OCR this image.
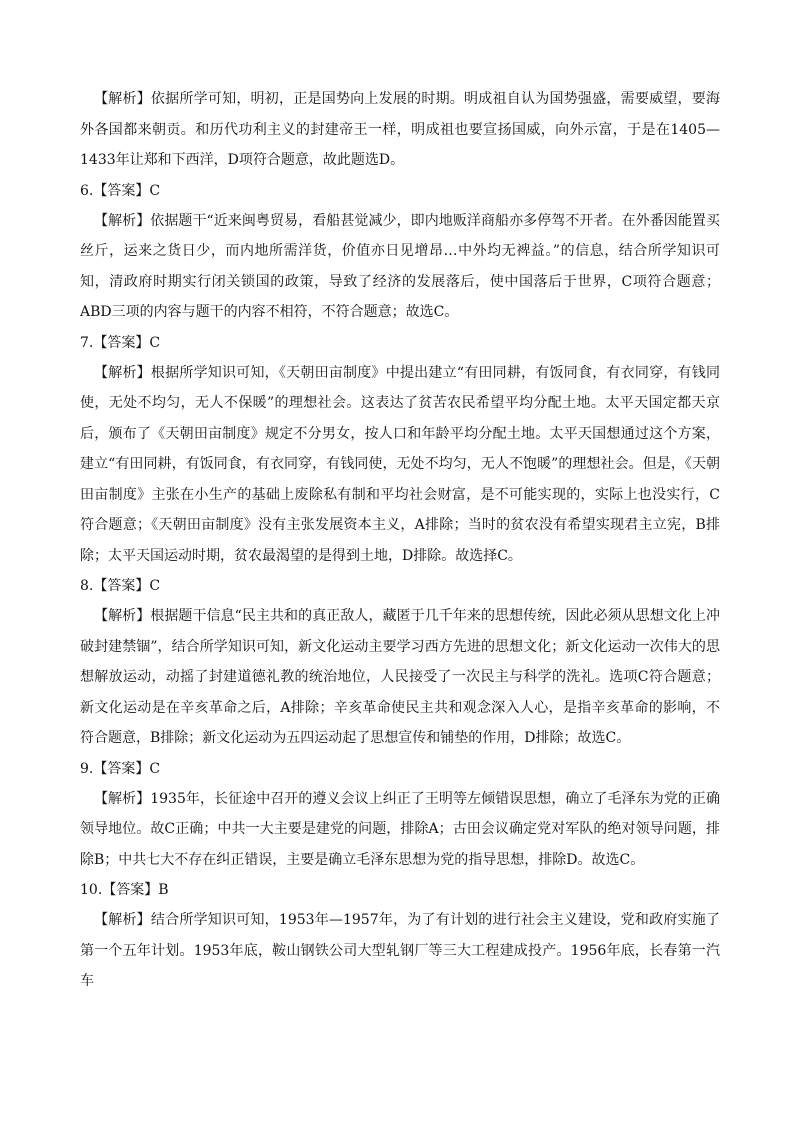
【解析】依据所学可知，明初，正是国势向上发展的时期。明成祖自认为国势强盛，需要威望，要海外各国都来朝贡。和历代功利主义的封建帝王一样，明成祖也要宣扬国威，向外示富，于是在1405—1433年让郑和下西洋，D项符合题意，故此题选D。

6.【答案】C

【解析】依据题干“近来闽粤贸易，看船甚觉减少，即内地贩洋商船亦多停驾不开者。在外番因能置买丝斤，运来之货日少，而内地所需洋货，价值亦日见增昂…中外均无裨益。”的信息，结合所学知识可知，清政府时期实行闭关锁国的政策，导致了经济的发展落后，使中国落后于世界，C项符合题意；ABD三项的内容与题干的内容不相符，不符合题意；故选C。

7.【答案】C

【解析】根据所学知识可知，《天朝田亩制度》中提出建立“有田同耕，有饭同食，有衣同穿，有钱同使，无处不均匀，无人不保暖”的理想社会。这表达了贫苦农民希望平均分配土地。太平天国定都天京后，颁布了《天朝田亩制度》规定不分男女，按人口和年龄平均分配土地。太平天国想通过这个方案，建立“有田同耕，有饭同食，有衣同穿，有钱同使，无处不均匀，无人不饱暖”的理想社会。但是，《天朝田亩制度》主张在小生产的基础上废除私有制和平均社会财富，是不可能实现的，实际上也没实行，C符合题意；《天朝田亩制度》没有主张发展资本主义，A排除；当时的贫农没有希望实现君主立宪，B排除；太平天国运动时期，贫农最渴望的是得到土地，D排除。故选择C。

8.【答案】C

【解析】根据题干信息“民主共和的真正敌人，藏匿于几千年来的思想传统，因此必须从思想文化上冲破封建禁锢”，结合所学知识可知，新文化运动主要学习西方先进的思想文化；新文化运动一次伟大的思想解放运动，动摇了封建道德礼教的统治地位，人民接受了一次民主与科学的洗礼。选项C符合题意；新文化运动是在辛亥革命之后，A排除；辛亥革命使民主共和观念深入人心，是指辛亥革命的影响，不符合题意，B排除；新文化运动为五四运动起了思想宣传和铺垫的作用，D排除；故选C。

9.【答案】C

【解析】1935年，长征途中召开的遵义会议上纠正了王明等左倾错误思想，确立了毛泽东为党的正确领导地位。故C正确；中共一大主要是建党的问题，排除A；古田会议确定党对军队的绝对领导问题，排除B；中共七大不存在纠正错误，主要是确立毛泽东思想为党的指导思想，排除D。故选C。

10.【答案】B

【解析】结合所学知识可知，1953年—1957年，为了有计划的进行社会主义建设，党和政府实施了第一个五年计划。1953年底，鞍山钢铁公司大型轧钢厂等三大工程建成投产。1956年底，长春第一汽车
